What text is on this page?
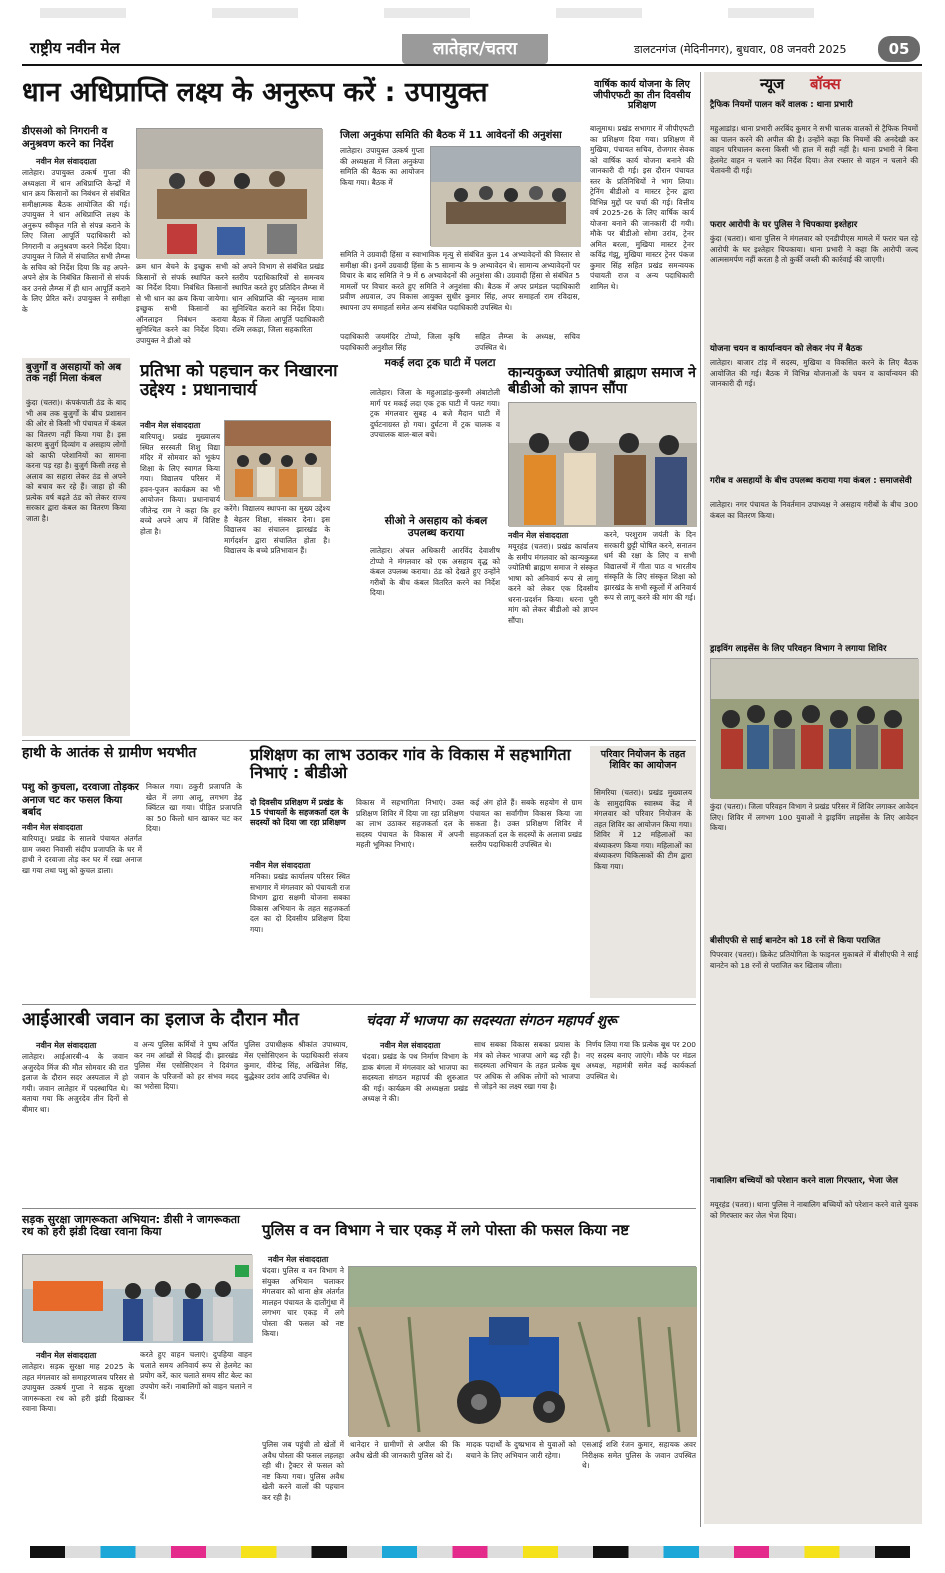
राष्ट्रीय नवीन मेल	लातेहार/चतरा	डालटनगंज (मेदिनीनगर), बुधवार, 08 जनवरी 2025	05
धान अधिप्राप्ति लक्ष्य के अनुरूप करें : उपायुक्त
डीएसओ को निगरानी व अनुश्रवण करने का निर्देश
नवीन मेल संवाददाता
लातेहार। उपायुक्त उत्कर्ष गुप्ता की अध्यक्षता में धान अधिप्राप्ति केन्द्रों में धान क्रय किसानों का निबंधन से संबंधित समीक्षात्मक बैठक आयोजित की गई। उपायुक्त ने धान अधिप्राप्ति लक्ष्य के अनुरूप स्वीकृत गति से संपन्न कराने के लिए जिला आपूर्ति पदाधिकारी को निगरानी व अनुश्रवण करने निर्देश दिया। उपायुक्त ने जिले में संचालित सभी लैम्प्स के सचिव को निर्देश दिया कि वह अपने-अपने क्षेत्र के निबंधित किसानों से संपर्क कर उनसे लैम्प्स में ही धान आपूर्ति कराने के लिए प्रेरित करें। उपायुक्त ने समीक्षा के
क्रम धान बेचने के इच्छुक सभी किसानों से संपर्क स्थापित करने का निर्देश दिया। निबंधित किसानों से भी धान का क्रय किया जायेगा। इच्छुक सभी किसानों का ऑनलाइन निबंधन कराया सुनिश्चित करने का निर्देश दिया। उपायुक्त ने डीओ को
को अपने विभाग से संबंधित प्रखंड स्तरीय पदाधिकारियों से समन्वय स्थापित करते हुए प्रतिदिन लैम्प्स में धान अधिप्राप्ति की न्यूनतम मात्रा सुनिश्चित कराने का निर्देश दिया। बैठक में जिला आपूर्ति पदाधिकारी रश्मि लकड़ा, जिला सहकारिता
जिला अनुकंपा समिति की बैठक में 11 आवेदनों की अनुशंसा
लातेहार। उपायुक्त उत्कर्ष गुप्ता की अध्यक्षता में जिला अनुकंपा समिति की बैठक का आयोजन किया गया। बैठक में
समिति ने उग्रवादी हिंसा व स्वाभाविक मृत्यु से संबंधित कुल 14 अभ्यावेदनों की विस्तार से समीक्षा की। इनमें उग्रवादी हिंसा के 5 सामान्य के 9 अभ्यावेदन थे। सामान्य अभ्यावेदनों पर विचार के बाद समिति ने 9 में 6 अभ्यावेदनों की अनुशंसा की। उग्रवादी हिंसा से संबंधित 5 मामलों पर विचार करते हुए समिति ने अनुशंसा की। बैठक में अपर प्रमंडल पदाधिकारी प्रवीण अग्रवाल, उप विकास आयुक्त सुधीर कुमार सिंह, अपर समाहर्ता राम रविदास, स्थापना उप समाहर्ता समेत अन्य संबंधित पदाधिकारी उपस्थित थे।
पदाधिकारी जयमंदिर टोप्पो, जिला कृषि पदाधिकारी अनुशील सिंह
सहित लैम्प्स के अध्यक्ष, सचिव उपस्थित थे।
वार्षिक कार्य योजना के लिए जीपीएफटी का तीन दिवसीय प्रशिक्षण
बालूमाथ। प्रखंड सभागार में जीपीएफटी का प्रशिक्षण दिया गया। प्रशिक्षण में मुखिया, पंचायत सचिव, रोजगार सेवक को वार्षिक कार्य योजना बनाने की जानकारी दी गई। इस दौरान पंचायत स्तर के प्रतिनिधियों ने भाग लिया। ट्रेनिंग बीडीओ व मास्टर ट्रेनर द्वारा विभिन्न मुद्दों पर चर्चा की गई। वित्तीय वर्ष 2025-26 के लिए वार्षिक कार्य योजना बनाने की जानकारी दी गयी। मौके पर बीडीओ सोमा उरांव, ट्रेनर अमित बरला, मुखिया मास्टर ट्रेनर कविंद्र गंझू, मुखिया मास्टर ट्रेनर पंकज कुमार सिंह सहित प्रखंड समन्वयक पंचायती राज व अन्य पदाधिकारी शामिल थे।
न्यूज बॉक्स
ट्रैफिक नियमों पालन करें वालक : थाना प्रभारी
महुआडांड़। थाना प्रभारी अरबिंद कुमार ने सभी चालक वालकों से ट्रैफिक नियमों का पालन करने की अपील की है। उन्होंने कहा कि नियमों की अनदेखी कर वाहन परिचालन करना किसी भी हाल में सही नहीं है। थाना प्रभारी ने बिना हेलमेट वाहन न चलाने का निर्देश दिया। तेज रफ्तार से वाहन न चलाने की चेतावनी दी गई।
फरार आरोपी के घर पुलिस ने चिपकाया इश्तेहार
कुंदा (चतरा)। थाना पुलिस ने मंगलवार को एनडीपीएस मामले में फरार चल रहे आरोपी के घर इश्तेहार चिपकाया। थाना प्रभारी ने कहा कि आरोपी जल्द आत्मसमर्पण नहीं करता है तो कुर्की जब्ती की कार्रवाई की जाएगी।
योजना चयन व कार्यान्वयन को लेकर नंप में बैठक
लातेहार। बाजार टांड़ में सदस्य, मुखिया व विकसित करने के लिए बैठक आयोजित की गई। बैठक में विभिन्न योजनाओं के चयन व कार्यान्वयन की जानकारी दी गई।
गरीब व असहायों के बीच उपलब्ध कराया गया कंबल : समाजसेवी
लातेहार। नगर पंचायत के निवर्तमान उपाध्यक्ष ने असहाय गरीबों के बीच 300 कंबल का वितरण किया।
ड्राइविंग लाइसेंस के लिए परिवहन विभाग ने लगाया शिविर
कुंदा (चतरा)। जिला परिवहन विभाग ने प्रखंड परिसर में शिविर लगाकर आवेदन लिए। शिविर में लगभग 100 युवाओं ने ड्राइविंग लाइसेंस के लिए आवेदन किया।
बीसीएफी से साई बानटेन को 18 रनों से किया पराजित
पिपरवार (चतरा)। क्रिकेट प्रतियोगिता के फाइनल मुकाबले में बीसीएफी ने साई बानटेन को 18 रनों से पराजित कर खिताब जीता।
नाबालिग बच्चियों को परेशान करने वाला गिरफ्तार, भेजा जेल
मयूरहंड (चतरा)। थाना पुलिस ने नाबालिग बच्चियों को परेशान करने वाले युवक को गिरफ्तार कर जेल भेज दिया।
बुजुर्गों व असहायों को अब तक नहीं मिला कंबल
कुंदा (चतरा)। कंपकंपाती ठंड के बाद भी अब तक बुजुर्गों के बीच प्रशासन की ओर से किसी भी पंचायत में कंबल का वितरण नहीं किया गया है। इस कारण बुजुर्ग दिव्यांग व असहाय लोगों को काफी परेशानियों का सामना करना पड़ रहा है। बुजुर्ग किसी तरह से अलाव का सहारा लेकर ठंड से अपने को बचाव कर रहे हैं। जाहा हो की प्रत्येक वर्ष बढ़ते ठंड को लेकर राज्य सरकार द्वारा कंबल का वितरण किया जाता है।
प्रतिभा को पहचान कर निखारना उद्देश्य : प्रधानाचार्य
नवीन मेल संवाददाता
बारियातू। प्रखंड मुख्यालय स्थित सरस्वती शिशु विद्या मंदिर में सोमवार को भूकंप शिक्षा के लिए स्वागत किया गया। विद्यालय परिसर में हवन-पूजन कार्यक्रम का भी आयोजन किया। प्रधानाचार्य जीतेन्द्र राम ने कहा कि हर बच्चे अपने आप में विशिष्ट होता है।
करेंगे। विद्यालय स्थापना का मुख्य उद्देश्य है बेहतर शिक्षा, संस्कार देना। इस विद्यालय का संचालन झारखंड के मार्गदर्शन द्वारा संचालित होता है। विद्यालय के बच्चे प्रतिभावान हैं।
मकई लदा ट्रक घाटी में पलटा
लातेहार। जिला के महुआडांड़-कुरुमी अंबाटोली मार्ग पर मकई लदा एक ट्रक घाटी में पलट गया। ट्रक मंगलवार सुबह 4 बजे मैदान घाटी में दुर्घटनाग्रस्त हो गया। दुर्घटना में ट्रक चालक व उपचालक बाल-बाल बचे।
सीओ ने असहाय को कंबल उपलब्ध कराया
लातेहार। अंचल अधिकारी आरविंद देवाशीष टोप्पो ने मंगलवार को एक असहाय वृद्ध को कंबल उपलब्ध कराया। ठंड को देखते हुए उन्होंने गरीबों के बीच कंबल वितरित करने का निर्देश दिया।
कान्यकुब्ज ज्योतिषी ब्राह्मण समाज ने बीडीओ को ज्ञापन सौंपा
नवीन मेल संवाददाता
मयूरहंड (चतरा)। प्रखंड कार्यालय के समीप मंगलवार को कान्यकुब्ज ज्योतिषी ब्राह्मण समाज ने संस्कृत भाषा को अनिवार्य रूप से लागू करने को लेकर एक दिवसीय धरना-प्रदर्शन किया। धरना पूरी मांग को लेकर बीडीओ को ज्ञापन सौंपा।
करने, परशुराम जयंती के दिन सरकारी छुट्टी घोषित करने, सनातन धर्म की रक्षा के लिए व सभी विद्यालयों में गीता पाठ व भारतीय संस्कृति के लिए संस्कृत शिक्षा को झारखंड के सभी स्कूलों में अनिवार्य रूप से लागू करने की मांग की गई।
हाथी के आतंक से ग्रामीण भयभीत
पशु को कुचला, दरवाजा तोड़कर अनाज चट कर फसल किया बर्बाद
नवीन मेल संवाददाता
बारियातू। प्रखंड के सालवे पंचायत अंतर्गत ग्राम जबरा निवासी संदीप प्रजापति के घर में हाथी ने दरवाजा तोड़ कर घर में रखा अनाज खा गया तथा पशु को कुचल डाला।
निकाल गया। ठकुरी प्रजापति के खेत में लगा आलू, लगभग डेढ़ क्विंटल खा गया। पीड़ित प्रजापति का 50 किलो धान खाकर चट कर दिया।
प्रशिक्षण का लाभ उठाकर गांव के विकास में सहभागिता निभाएं : बीडीओ
दो दिवसीय प्रशिक्षण में प्रखंड के 15 पंचायतों के सहजकर्ता दल के सदस्यों को दिया जा रहा प्रशिक्षण
नवीन मेल संवाददाता
मनिका। प्रखंड कार्यालय परिसर स्थित सभागार में मंगलवार को पंचायती राज विभाग द्वारा सक्षमी योजना सबका विकास अभियान के तहत सहजकर्ता दल का दो दिवसीय प्रशिक्षण दिया गया।
विकास में सहभागिता निभाएं। उक्त प्रशिक्षण शिविर में दिया जा रहा प्रशिक्षण का लाभ उठाकर सहजकर्ता दल के सदस्य पंचायत के विकास में अपनी महती भूमिका निभाएं।
कई अंग होते हैं। सबके सहयोग से ग्राम पंचायत का सर्वांगीण विकास किया जा सकता है। उक्त प्रशिक्षण शिविर में सहजकर्ता दल के सदस्यों के अलावा प्रखंड स्तरीय पदाधिकारी उपस्थित थे।
परिवार नियोजन के तहत शिविर का आयोजन
सिमरिया (चतरा)। प्रखंड मुख्यालय के सामुदायिक स्वास्थ्य केंद्र में मंगलवार को परिवार नियोजन के तहत शिविर का आयोजन किया गया। शिविर में 12 महिलाओं का बंध्याकरण किया गया। महिलाओं का बंध्याकरण चिकित्सकों की टीम द्वारा किया गया।
आईआरबी जवान का इलाज के दौरान मौत
नवीन मेल संवाददाता
लातेहार। आईआरबी-4 के जवान अजुरदेव मिंज की मौत सोमवार की रात इलाज के दौरान सदर अस्पताल में हो गयी। जवान लातेहार में पदस्थापित थे। बताया गया कि अजुरदेव तीन दिनों से बीमार था।
व अन्य पुलिस कर्मियों ने पुष्प अर्पित कर नम आंखों से विदाई दी। झारखंड पुलिस मेंस एसोसिएशन ने दिवंगत जवान के परिजनों को हर संभव मदद का भरोसा दिया।
पुलिस उपाधीक्षक श्रीकांत उपाध्याय, मेंस एसोसिएशन के पदाधिकारी संजय कुमार, वीरेन्द्र सिंह, अखिलेश सिंह, बुद्धेश्वर उरांव आदि उपस्थित थे।
चंदवा में भाजपा का सदस्यता संगठन महापर्व शुरू
नवीन मेल संवाददाता
चंदवा। प्रखंड के पथ निर्माण विभाग के डाक बंगला में मंगलवार को भाजपा का सदस्यता संगठन महापर्व की शुरुआत की गई। कार्यक्रम की अध्यक्षता प्रखंड अध्यक्ष ने की।
साथ सबका विकास सबका प्रयास के मंत्र को लेकर भाजपा आगे बढ़ रही है। सदस्यता अभियान के तहत प्रत्येक बूथ पर अधिक से अधिक लोगों को भाजपा से जोड़ने का लक्ष्य रखा गया है।
निर्णय लिया गया कि प्रत्येक बूथ पर 200 नए सदस्य बनाए जाएंगे। मौके पर मंडल अध्यक्ष, महामंत्री समेत कई कार्यकर्ता उपस्थित थे।
सड़क सुरक्षा जागरूकता अभियान: डीसी ने जागरूकता रथ को हरी झंडी दिखा रवाना किया
नवीन मेल संवाददाता
लातेहार। सड़क सुरक्षा माह 2025 के तहत मंगलवार को समाहरणालय परिसर से उपायुक्त उत्कर्ष गुप्ता ने सड़क सुरक्षा जागरूकता रथ को हरी झंडी दिखाकर रवाना किया।
करते हुए वाहन चलाएं। दुपहिया वाहन चलाते समय अनिवार्य रूप से हेलमेट का प्रयोग करें, कार चलाते समय सीट बेल्ट का उपयोग करें। नाबालिगों को वाहन चलाने न दें।
पुलिस व वन विभाग ने चार एकड़ में लगे पोस्ता की फसल किया नष्ट
नवीन मेल संवाददाता
चंदवा। पुलिस व वन विभाग ने संयुक्त अभियान चलाकर मंगलवार को थाना क्षेत्र अंतर्गत मालहन पंचायत के दातोंगुंथा में लगभग चार एकड़ में लगे पोस्ता की फसल को नष्ट किया।
पुलिस जब पहुंची तो खेतों में अवैध पोस्ता की फसल लहलहा रही थी। ट्रैक्टर से फसल को नष्ट किया गया। पुलिस अवैध खेती करने वालों की पहचान कर रही है।
थानेदार ने ग्रामीणों से अपील की कि अवैध खेती की जानकारी पुलिस को दें।
मादक पदार्थों के दुष्प्रभाव से युवाओं को बचाने के लिए अभियान जारी रहेगा।
एसआई शशि रंजन कुमार, सहायक अवर निरीक्षक समेत पुलिस के जवान उपस्थित थे।
